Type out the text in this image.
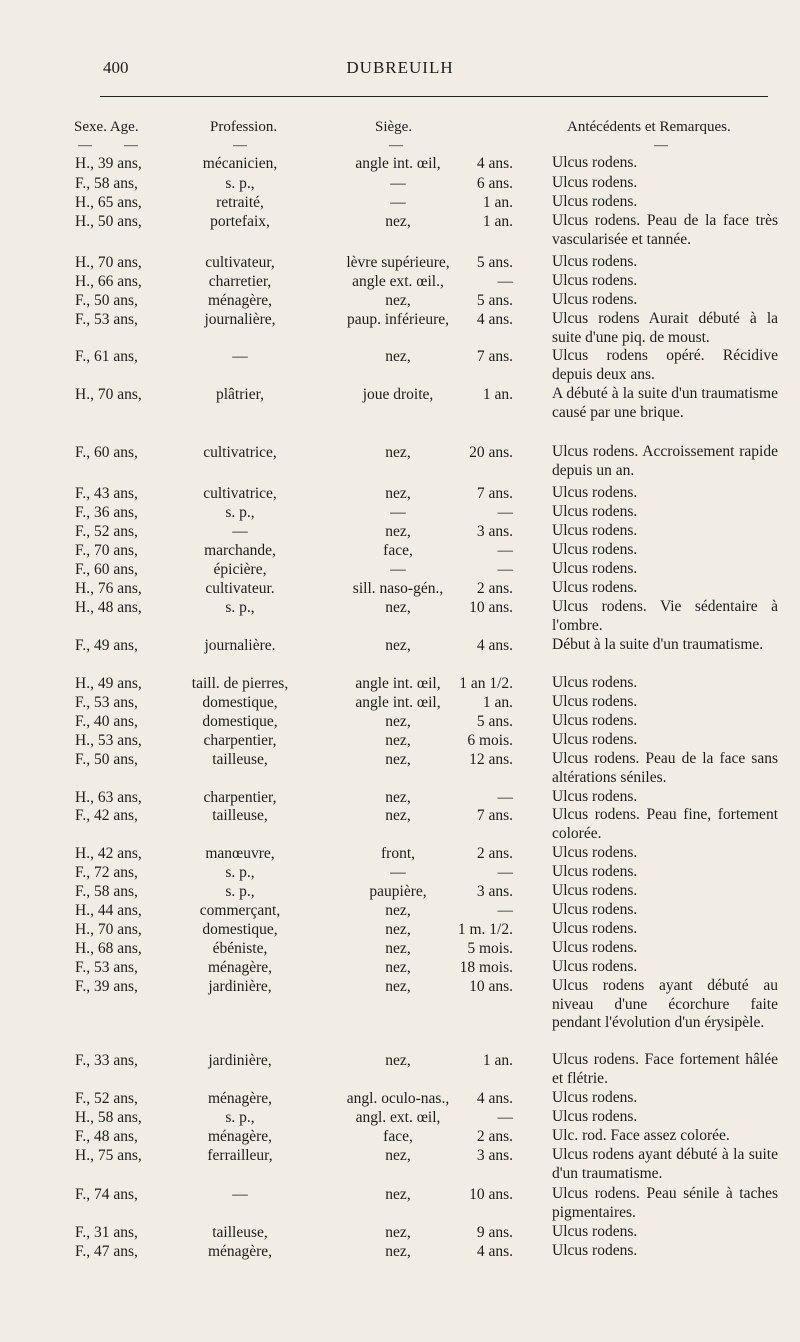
400	DUBREUILH
Sexe. Age.	Profession.	Siège.	Antécédents et Remarques.
— —	—	—	—
H., 39 ans,	mécanicien,	angle int. œil, 4 ans.	Ulcus rodens.
F., 58 ans,	s. p.,	—	6 ans.	Ulcus rodens.
H., 65 ans,	retraité,	—	1 an.	Ulcus rodens.
H., 50 ans,	portefaix,	nez,	1 an.	Ulcus rodens. Peau de la face très vascularisée et tannée.
H., 70 ans,	cultivateur,	lèvre supérieure, 5 ans.	Ulcus rodens.
H., 66 ans,	charretier,	angle ext. œil.,	—	Ulcus rodens.
F., 50 ans,	ménagère,	nez,	5 ans.	Ulcus rodens.
F., 53 ans,	journalière,	paup. inférieure, 4 ans.	Ulcus rodens Aurait débuté à la suite d'une piq. de moust.
F., 61 ans,	—	nez,	7 ans.	Ulcus rodens opéré. Récidive depuis deux ans.
H., 70 ans,	plâtrier,	joue droite,	1 an.	A débuté à la suite d'un traumatisme causé par une brique.
F., 60 ans,	cultivatrice,	nez,	20 ans.	Ulcus rodens. Accroissement rapide depuis un an.
F., 43 ans,	cultivatrice,	nez,	7 ans.	Ulcus rodens.
F., 36 ans,	s. p.,	—	—	Ulcus rodens.
F., 52 ans,	—	nez,	3 ans.	Ulcus rodens.
F., 70 ans,	marchande,	face,	—	Ulcus rodens.
F., 60 ans,	épicière,	—	—	Ulcus rodens.
H., 76 ans,	cultivateur.	sill. naso-gén., 2 ans.	Ulcus rodens.
H., 48 ans,	s. p.,	nez,	10 ans.	Ulcus rodens. Vie sédentaire à l'ombre.
F., 49 ans,	journalière.	nez,	4 ans.	Début à la suite d'un traumatisme.
H., 49 ans,	taill. de pierres,	angle int. œil, 1 an 1/2.	Ulcus rodens.
F., 53 ans,	domestique,	angle int. œil,	1 an.	Ulcus rodens.
F., 40 ans,	domestique,	nez,	5 ans.	Ulcus rodens.
H., 53 ans,	charpentier,	nez,	6 mois.	Ulcus rodens.
F., 50 ans,	tailleuse,	nez,	12 ans.	Ulcus rodens. Peau de la face sans altérations séniles.
H., 63 ans,	charpentier,	nez,	—	Ulcus rodens.
F., 42 ans,	tailleuse,	nez,	7 ans.	Ulcus rodens. Peau fine, fortement colorée.
H., 42 ans,	manœuvre,	front,	2 ans.	Ulcus rodens.
F., 72 ans,	s. p.,	—	—	Ulcus rodens.
F., 58 ans,	s. p.,	paupière,	3 ans.	Ulcus rodens.
H., 44 ans,	commerçant,	nez,	—	Ulcus rodens.
H., 70 ans,	domestique,	nez,	1 m. 1/2.	Ulcus rodens.
H., 68 ans,	ébéniste,	nez,	5 mois.	Ulcus rodens.
F., 53 ans,	ménagère,	nez,	18 mois.	Ulcus rodens.
F., 39 ans,	jardinière,	nez,	10 ans.	Ulcus rodens ayant débuté au niveau d'une écorchure faite pendant l'évolution d'un érysipèle.
F., 33 ans,	jardinière,	nez,	1 an.	Ulcus rodens. Face fortement hâlée et flétrie.
F., 52 ans,	ménagère,	angl. oculo-nas., 4 ans.	Ulcus rodens.
H., 58 ans,	s. p.,	angl. ext. œil,	—	Ulcus rodens.
F., 48 ans,	ménagère,	face,	2 ans.	Ulc. rod. Face assez colorée.
H., 75 ans,	ferrailleur,	nez,	3 ans.	Ulcus rodens ayant débuté à la suite d'un traumatisme.
F., 74 ans,	—	nez,	10 ans.	Ulcus rodens. Peau sénile à taches pigmentaires.
F., 31 ans,	tailleuse,	nez,	9 ans.	Ulcus rodens.
F., 47 ans,	ménagère,	nez,	4 ans.	Ulcus rodens.
